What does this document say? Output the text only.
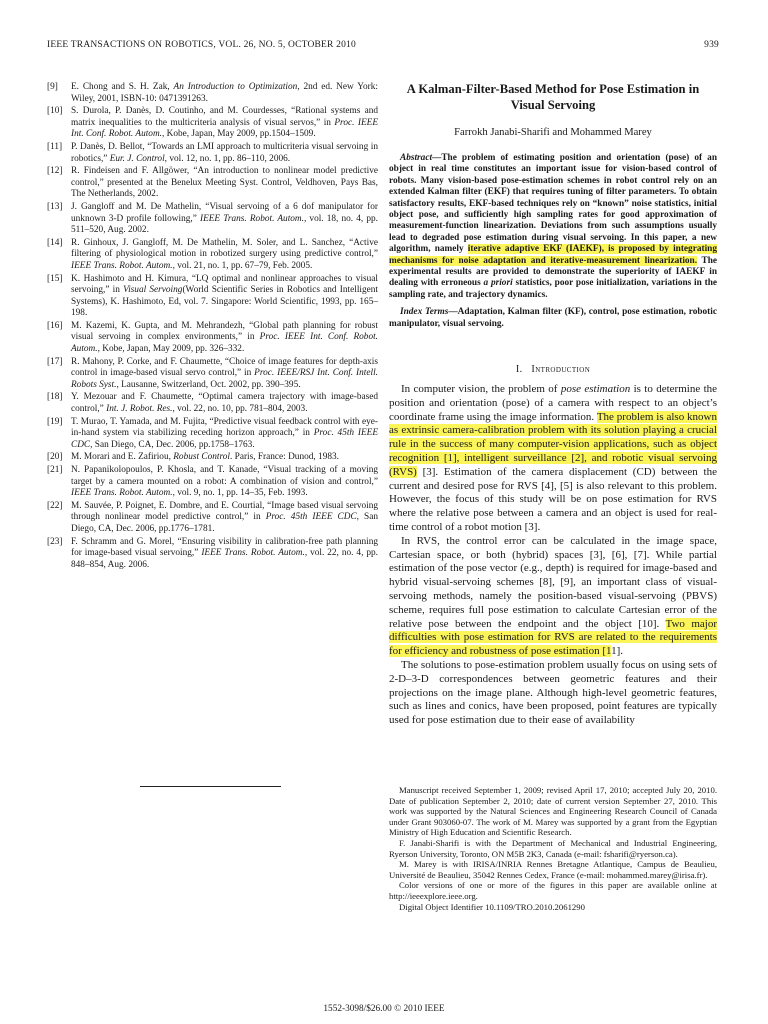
IEEE TRANSACTIONS ON ROBOTICS, VOL. 26, NO. 5, OCTOBER 2010	939
[9]	E. Chong and S. H. Zak, An Introduction to Optimization, 2nd ed. New York: Wiley, 2001, ISBN-10: 0471391263.
[10] S. Durola, P. Danès, D. Coutinho, and M. Courdesses, “Rational systems and matrix inequalities to the multicriteria analysis of visual servos,” in Proc. IEEE Int. Conf. Robot. Autom., Kobe, Japan, May 2009, pp.1504–1509.
[11] P. Danès, D. Bellot, “Towards an LMI approach to multicriteria visual servoing in robotics,” Eur. J. Control, vol. 12, no. 1, pp. 86–110, 2006.
[12] R. Findeisen and F. Allgöwer, “An introduction to nonlinear model predictive control,” presented at the Benelux Meeting Syst. Control, Veldhoven, Pays Bas, The Netherlands, 2002.
[13] J. Gangloff and M. De Mathelin, “Visual servoing of a 6 dof manipulator for unknown 3-D profile following,” IEEE Trans. Robot. Autom., vol. 18, no. 4, pp. 511–520, Aug. 2002.
[14] R. Ginhoux, J. Gangloff, M. De Mathelin, M. Soler, and L. Sanchez, “Active filtering of physiological motion in robotized surgery using predictive control,” IEEE Trans. Robot. Autom., vol. 21, no. 1, pp. 67–79, Feb. 2005.
[15] K. Hashimoto and H. Kimura, “LQ optimal and nonlinear approaches to visual servoing,” in Visual Servoing(World Scientific Series in Robotics and Intelligent Systems), K. Hashimoto, Ed, vol. 7. Singapore: World Scientific, 1993, pp. 165–198.
[16] M. Kazemi, K. Gupta, and M. Mehrandezh, “Global path planning for robust visual servoing in complex environments,” in Proc. IEEE Int. Conf. Robot. Autom., Kobe, Japan, May 2009, pp. 326–332.
[17] R. Mahony, P. Corke, and F. Chaumette, “Choice of image features for depth-axis control in image-based visual servo control,” in Proc. IEEE/RSJ Int. Conf. Intell. Robots Syst., Lausanne, Switzerland, Oct. 2002, pp. 390–395.
[18] Y. Mezouar and F. Chaumette, “Optimal camera trajectory with image-based control,” Int. J. Robot. Res., vol. 22, no. 10, pp. 781–804, 2003.
[19] T. Murao, T. Yamada, and M. Fujita, “Predictive visual feedback control with eye-in-hand system via stabilizing receding horizon approach,” in Proc. 45th IEEE CDC, San Diego, CA, Dec. 2006, pp.1758–1763.
[20] M. Morari and E. Zafiriou, Robust Control. Paris, France: Dunod, 1983.
[21] N. Papanikolopoulos, P. Khosla, and T. Kanade, “Visual tracking of a moving target by a camera mounted on a robot: A combination of vision and control,” IEEE Trans. Robot. Autom., vol. 9, no. 1, pp. 14–35, Feb. 1993.
[22] M. Sauvée, P. Poignet, E. Dombre, and E. Courtial, “Image based visual servoing through nonlinear model predictive control,” in Proc. 45th IEEE CDC, San Diego, CA, Dec. 2006, pp.1776–1781.
[23] F. Schramm and G. Morel, “Ensuring visibility in calibration-free path planning for image-based visual servoing,” IEEE Trans. Robot. Autom., vol. 22, no. 4, pp. 848–854, Aug. 2006.
A Kalman-Filter-Based Method for Pose Estimation in Visual Servoing
Farrokh Janabi-Sharifi and Mohammed Marey
Abstract—The problem of estimating position and orientation (pose) of an object in real time constitutes an important issue for vision-based control of robots. Many vision-based pose-estimation schemes in robot control rely on an extended Kalman filter (EKF) that requires tuning of filter parameters. To obtain satisfactory results, EKF-based techniques rely on “known” noise statistics, initial object pose, and sufficiently high sampling rates for good approximation of measurement-function linearization. Deviations from such assumptions usually lead to degraded pose estimation during visual servoing. In this paper, a new algorithm, namely iterative adaptive EKF (IAEKF), is proposed by integrating mechanisms for noise adaptation and iterative-measurement linearization. The experimental results are provided to demonstrate the superiority of IAEKF in dealing with erroneous a priori statistics, poor pose initialization, variations in the sampling rate, and trajectory dynamics.
Index Terms—Adaptation, Kalman filter (KF), control, pose estimation, robotic manipulator, visual servoing.
I. Introduction

In computer vision, the problem of pose estimation is to determine the position and orientation (pose) of a camera with respect to an object’s coordinate frame using the image information. The problem is also known as extrinsic camera-calibration problem with its solution playing a crucial rule in the success of many computer-vision applications, such as object recognition [1], intelligent surveillance [2], and robotic visual servoing (RVS) [3]. Estimation of the camera displacement (CD) between the current and desired pose for RVS [4], [5] is also relevant to this problem. However, the focus of this study will be on pose estimation for RVS where the relative pose between a camera and an object is used for real-time control of a robot motion [3].

In RVS, the control error can be calculated in the image space, Cartesian space, or both (hybrid) spaces [3], [6], [7]. While partial estimation of the pose vector (e.g., depth) is required for image-based and hybrid visual-servoing schemes [8], [9], an important class of visual-servoing methods, namely the position-based visual-servoing (PBVS) scheme, requires full pose estimation to calculate Cartesian error of the relative pose between the endpoint and the object [10]. Two major difficulties with pose estimation for RVS are related to the requirements for efficiency and robustness of pose estimation [11].

The solutions to pose-estimation problem usually focus on using sets of 2-D–3-D correspondences between geometric features and their projections on the image plane. Although high-level geometric features, such as lines and conics, have been proposed, point features are typically used for pose estimation due to their ease of availability

Manuscript received September 1, 2009; revised April 17, 2010; accepted July 20, 2010. Date of publication September 2, 2010; date of current version September 27, 2010. This work was supported by the Natural Sciences and Engineering Research Council of Canada under Grant 903060-07. The work of M. Marey was supported by a grant from the Egyptian Ministry of High Education and Scientific Research.

F. Janabi-Sharifi is with the Department of Mechanical and Industrial Engineering, Ryerson University, Toronto, ON M5B 2K3, Canada (e-mail: fsharifi@ryerson.ca).

M. Marey is with IRISA/INRIA Rennes Bretagne Atlantique, Campus de Beaulieu, Université de Beaulieu, 35042 Rennes Cedex, France (e-mail: mohammed.marey@irisa.fr).

Color versions of one or more of the figures in this paper are available online at http://ieeexplore.ieee.org.

Digital Object Identifier 10.1109/TRO.2010.2061290

1552-3098/$26.00 © 2010 IEEE
